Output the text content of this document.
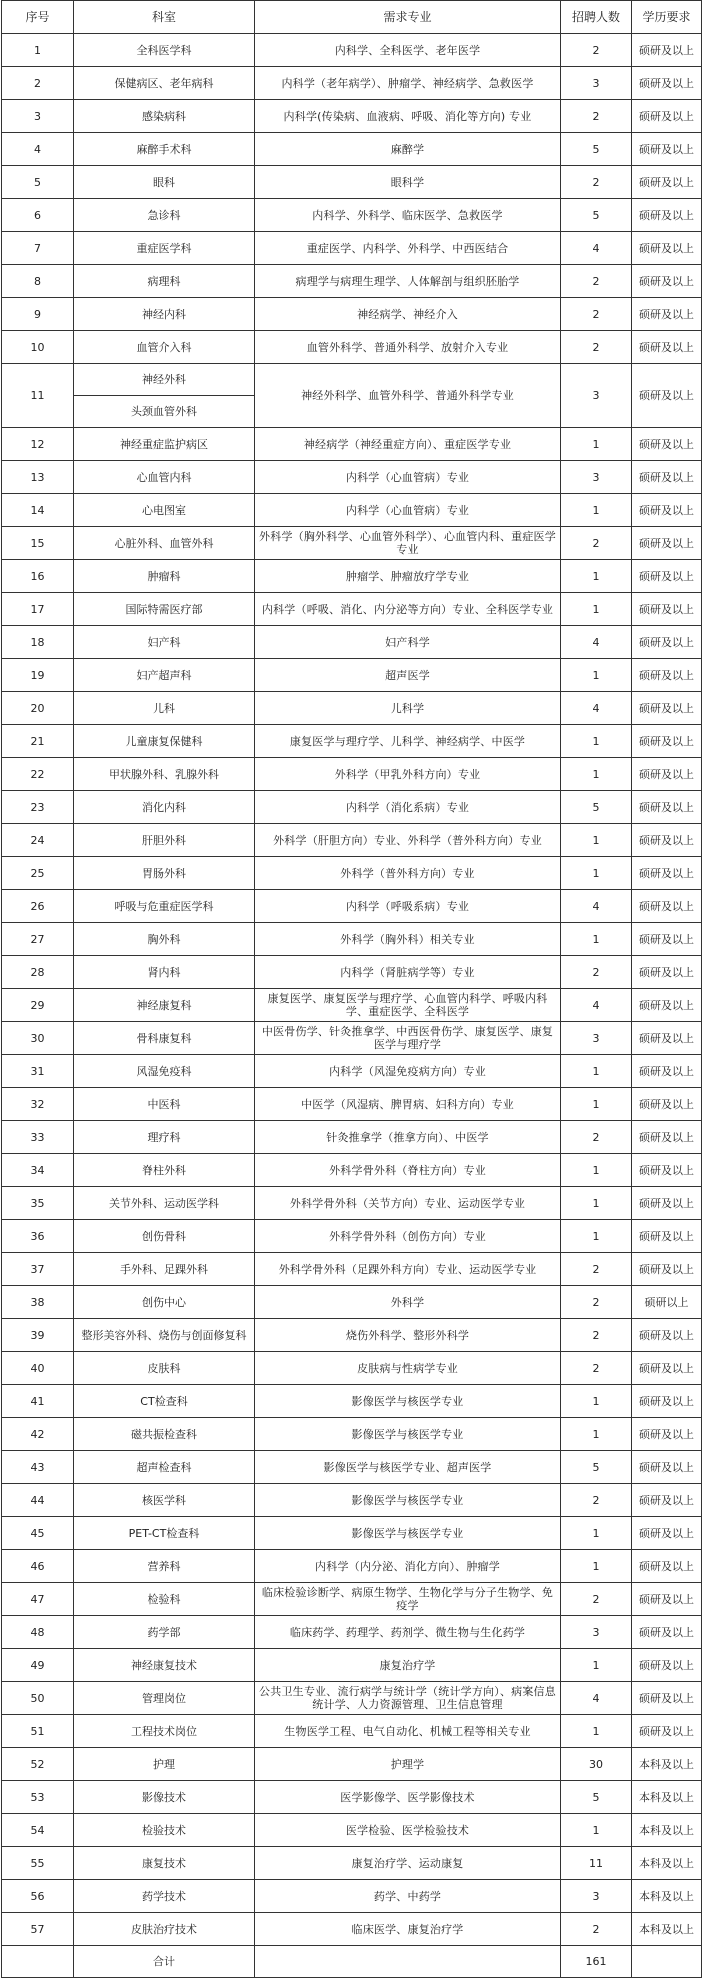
序号	科室	需求专业	招聘人数	学历要求
1	全科医学科	内科学、全科医学、老年医学	2	硕研及以上
2	保健病区、老年病科	内科学（老年病学）、肿瘤学、神经病学、急救医学	3	硕研及以上
3	感染病科	内科学(传染病、血液病、呼吸、消化等方向) 专业	2	硕研及以上
4	麻醉手术科	麻醉学	5	硕研及以上
5	眼科	眼科学	2	硕研及以上
6	急诊科	内科学、外科学、临床医学、急救医学	5	硕研及以上
7	重症医学科	重症医学、内科学、外科学、中西医结合	4	硕研及以上
8	病理科	病理学与病理生理学、人体解剖与组织胚胎学	2	硕研及以上
9	神经内科	神经病学、神经介入	2	硕研及以上
10	血管介入科	血管外科学、普通外科学、放射介入专业	2	硕研及以上
11	神经外科	神经外科学、血管外科学、普通外科学专业	3	硕研及以上
	头颈血管外科			
12	神经重症监护病区	神经病学（神经重症方向）、重症医学专业	1	硕研及以上
13	心血管内科	内科学（心血管病）专业	3	硕研及以上
14	心电图室	内科学（心血管病）专业	1	硕研及以上
15	心脏外科、血管外科	外科学（胸外科学、心血管外科学）、心血管内科、重症医学专业	2	硕研及以上
16	肿瘤科	肿瘤学、肿瘤放疗学专业	1	硕研及以上
17	国际特需医疗部	内科学（呼吸、消化、内分泌等方向）专业、全科医学专业	1	硕研及以上
18	妇产科	妇产科学	4	硕研及以上
19	妇产超声科	超声医学	1	硕研及以上
20	儿科	儿科学	4	硕研及以上
21	儿童康复保健科	康复医学与理疗学、儿科学、神经病学、中医学	1	硕研及以上
22	甲状腺外科、乳腺外科	外科学（甲乳外科方向）专业	1	硕研及以上
23	消化内科	内科学（消化系病）专业	5	硕研及以上
24	肝胆外科	外科学（肝胆方向）专业、外科学（普外科方向）专业	1	硕研及以上
25	胃肠外科	外科学（普外科方向）专业	1	硕研及以上
26	呼吸与危重症医学科	内科学（呼吸系病）专业	4	硕研及以上
27	胸外科	外科学（胸外科）相关专业	1	硕研及以上
28	肾内科	内科学（肾脏病学等）专业	2	硕研及以上
29	神经康复科	康复医学、康复医学与理疗学、心血管内科学、呼吸内科学、重症医学、全科医学	4	硕研及以上
30	骨科康复科	中医骨伤学、针灸推拿学、中西医骨伤学、康复医学、康复医学与理疗学	3	硕研及以上
31	风湿免疫科	内科学（风湿免疫病方向）专业	1	硕研及以上
32	中医科	中医学（风湿病、脾胃病、妇科方向）专业	1	硕研及以上
33	理疗科	针灸推拿学（推拿方向）、中医学	2	硕研及以上
34	脊柱外科	外科学骨外科（脊柱方向）专业	1	硕研及以上
35	关节外科、运动医学科	外科学骨外科（关节方向）专业、运动医学专业	1	硕研及以上
36	创伤骨科	外科学骨外科（创伤方向）专业	1	硕研及以上
37	手外科、足踝外科	外科学骨外科（足踝外科方向）专业、运动医学专业	2	硕研及以上
38	创伤中心	外科学	2	硕研以上
39	整形美容外科、烧伤与创面修复科	烧伤外科学、整形外科学	2	硕研及以上
40	皮肤科	皮肤病与性病学专业	2	硕研及以上
41	CT检查科	影像医学与核医学专业	1	硕研及以上
42	磁共振检查科	影像医学与核医学专业	1	硕研及以上
43	超声检查科	影像医学与核医学专业、超声医学	5	硕研及以上
44	核医学科	影像医学与核医学专业	2	硕研及以上
45	PET-CT检查科	影像医学与核医学专业	1	硕研及以上
46	营养科	内科学（内分泌、消化方向）、肿瘤学	1	硕研及以上
47	检验科	临床检验诊断学、病原生物学、生物化学与分子生物学、免疫学	2	硕研及以上
48	药学部	临床药学、药理学、药剂学、微生物与生化药学	3	硕研及以上
49	神经康复技术	康复治疗学	1	硕研及以上
50	管理岗位	公共卫生专业、流行病学与统计学（统计学方向）、病案信息统计学、人力资源管理、卫生信息管理	4	硕研及以上
51	工程技术岗位	生物医学工程、电气自动化、机械工程等相关专业	1	硕研及以上
52	护理	护理学	30	本科及以上
53	影像技术	医学影像学、医学影像技术	5	本科及以上
54	检验技术	医学检验、医学检验技术	1	本科及以上
55	康复技术	康复治疗学、运动康复	11	本科及以上
56	药学技术	药学、中药学	3	本科及以上
57	皮肤治疗技术	临床医学、康复治疗学	2	本科及以上
	合计		161	
